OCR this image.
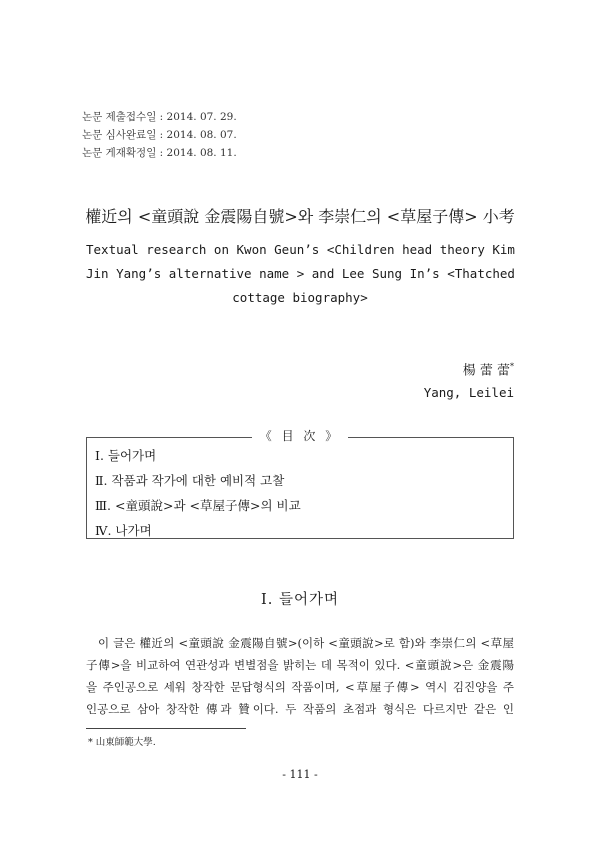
논문 제출접수일 : 2014. 07. 29.
논문 심사완료일 : 2014. 08. 07.
논문 게재확정일 : 2014. 08. 11.
權近의 <童頭說 金震陽自號>와 李崇仁의 <草屋子傳> 小考
Textual research on Kwon Geun’s <Children head theory Kim
Jin Yang’s alternative name > and Lee Sung In’s <Thatched
cottage biography>
楊 蕾 蕾*
Yang, Leilei
《 目 次 》
Ⅰ. 들어가며
Ⅱ. 작품과 작가에 대한 예비적 고찰
Ⅲ. <童頭說>과 <草屋子傳>의 비교
Ⅳ. 나가며
Ⅰ. 들어가며
이 글은 權近의 <童頭說 金震陽自號>(이하 <童頭說>로 함)와 李崇仁의 <草屋
子傳>을 비교하여 연관성과 변별점을 밝히는 데 목적이 있다. <童頭說>은 金震陽
을 주인공으로 세워 창작한 문답형식의 작품이며, <草屋子傳> 역시 김진양을 주
인공으로 삼아 창작한 傳과 贊이다. 두 작품의 초점과 형식은 다르지만 같은 인
* 山東師範大學.
- 111 -
